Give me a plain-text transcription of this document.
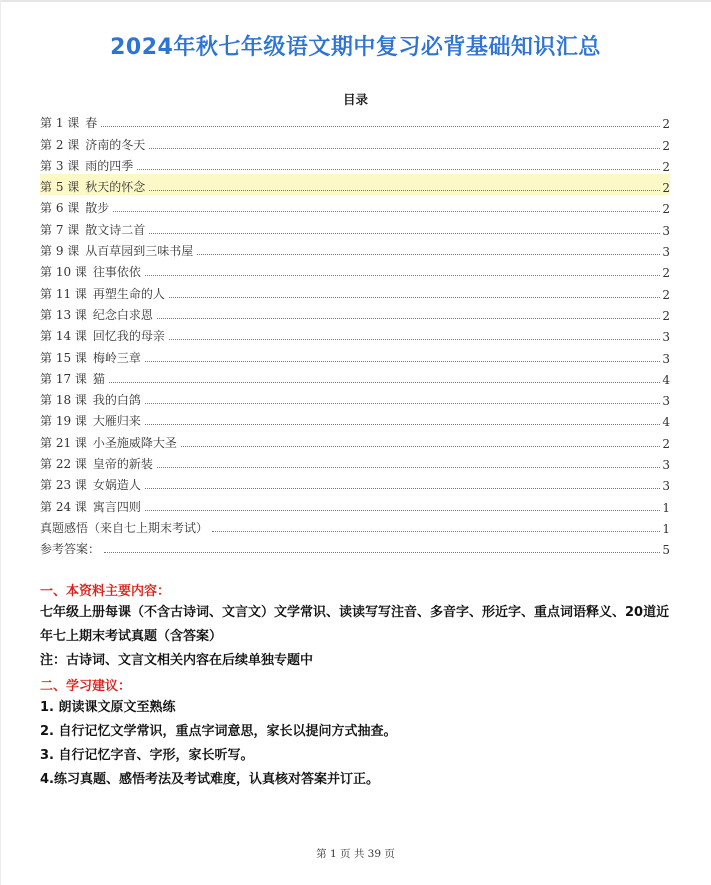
2024年秋七年级语文期中复习必背基础知识汇总
目录
第 1 课 春	2
第 2 课 济南的冬天	2
第 3 课 雨的四季	2
第 5 课 秋天的怀念	2
第 6 课 散步	2
第 7 课 散文诗二首	3
第 9 课 从百草园到三味书屋	3
第 10 课 往事依依	2
第 11 课 再塑生命的人	2
第 13 课 纪念白求恩	2
第 14 课 回忆我的母亲	3
第 15 课 梅岭三章	3
第 17 课 猫	4
第 18 课 我的白鸽	3
第 19 课 大雁归来	4
第 21 课 小圣施威降大圣	2
第 22 课 皇帝的新装	3
第 23 课 女娲造人	3
第 24 课 寓言四则	1
真题感悟（来自七上期末考试）	1
参考答案：	5
一、本资料主要内容：
七年级上册每课（不含古诗词、文言文）文学常识、读读写写注音、多音字、形近字、重点词语释义、20道近年七上期末考试真题（含答案）
注：古诗词、文言文相关内容在后续单独专题中
二、学习建议：
1. 朗读课文原文至熟练
2. 自行记忆文学常识，重点字词意思，家长以提问方式抽查。
3. 自行记忆字音、字形，家长听写。
4.练习真题、感悟考法及考试难度，认真核对答案并订正。
第 1 页 共 39 页
